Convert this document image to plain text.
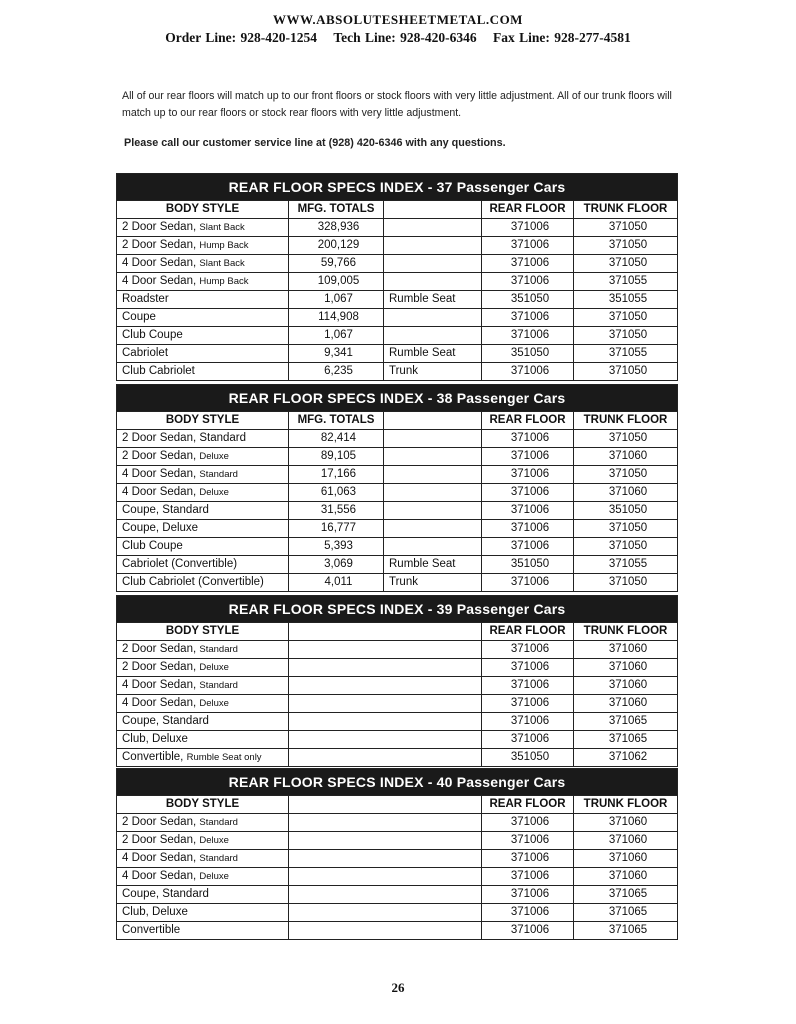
WWW.ABSOLUTESHEETMETAL.COM
Order Line: 928-420-1254 Tech Line: 928-420-6346 Fax Line: 928-277-4581
All of our rear floors will match up to our front floors or stock floors with very little adjustment. All of our trunk floors will match up to our rear floors or stock rear floors with very little adjustment.
Please call our customer service line at (928) 420-6346 with any questions.
REAR FLOOR SPECS INDEX - 37 Passenger Cars				
BODY STYLE	MFG. TOTALS		REAR FLOOR	TRUNK FLOOR
2 Door Sedan, Slant Back	328,936		371006	371050
2 Door Sedan, Hump Back	200,129		371006	371050
4 Door Sedan, Slant Back	59,766		371006	371050
4 Door Sedan, Hump Back	109,005		371006	371055
Roadster	1,067	Rumble Seat	351050	351055
Coupe	114,908		371006	371050
Club Coupe	1,067		371006	371050
Cabriolet	9,341	Rumble Seat	351050	371055
Club Cabriolet	6,235	Trunk	371006	371050
REAR FLOOR SPECS INDEX - 38 Passenger Cars				
BODY STYLE	MFG. TOTALS		REAR FLOOR	TRUNK FLOOR
2 Door Sedan, Standard	82,414		371006	371050
2 Door Sedan, Deluxe	89,105		371006	371060
4 Door Sedan, Standard	17,166		371006	371050
4 Door Sedan, Deluxe	61,063		371006	371060
Coupe, Standard	31,556		371006	351050
Coupe, Deluxe	16,777		371006	371050
Club Coupe	5,393		371006	371050
Cabriolet (Convertible)	3,069	Rumble Seat	351050	371055
Club Cabriolet (Convertible)	4,011	Trunk	371006	371050
REAR FLOOR SPECS INDEX - 39 Passenger Cars			
BODY STYLE		REAR FLOOR	TRUNK FLOOR
2 Door Sedan, Standard		371006	371060
2 Door Sedan, Deluxe		371006	371060
4 Door Sedan, Standard		371006	371060
4 Door Sedan, Deluxe		371006	371060
Coupe, Standard		371006	371065
Club, Deluxe		371006	371065
Convertible, Rumble Seat only		351050	371062
REAR FLOOR SPECS INDEX - 40 Passenger Cars			
BODY STYLE		REAR FLOOR	TRUNK FLOOR
2 Door Sedan, Standard		371006	371060
2 Door Sedan, Deluxe		371006	371060
4 Door Sedan, Standard		371006	371060
4 Door Sedan, Deluxe		371006	371060
Coupe, Standard		371006	371065
Club, Deluxe		371006	371065
Convertible		371006	371065
26
